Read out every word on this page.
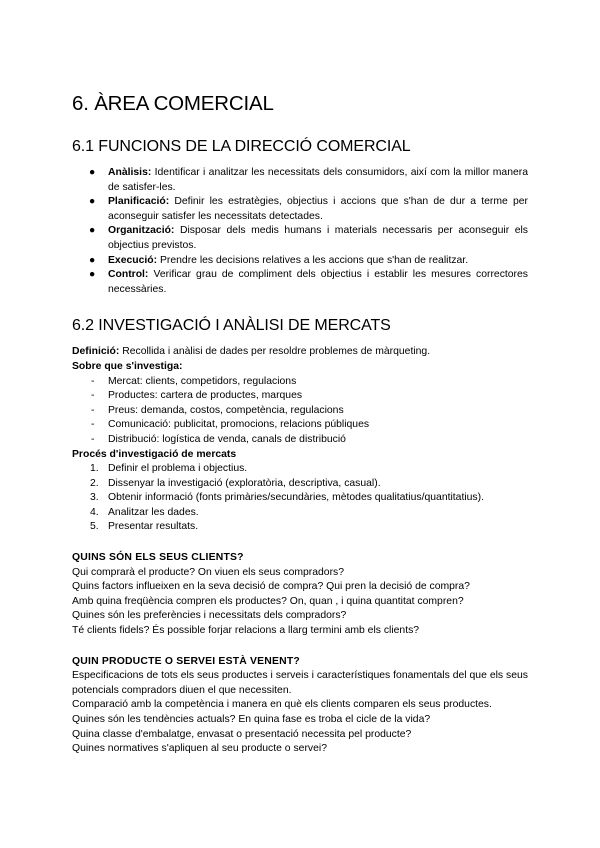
6. ÀREA COMERCIAL
6.1 FUNCIONS DE LA DIRECCIÓ COMERCIAL
● Anàlisis: Identificar i analitzar les necessitats dels consumidors, així com la millor manera de satisfer-les.
● Planificació: Definir les estratègies, objectius i accions que s'han de dur a terme per aconseguir satisfer les necessitats detectades.
● Organització: Disposar dels medis humans i materials necessaris per aconseguir els objectius previstos.
● Execució: Prendre les decisions relatives a les accions que s'han de realitzar.
● Control: Verificar grau de compliment dels objectius i establir les mesures correctores necessàries.
6.2 INVESTIGACIÓ I ANÀLISI DE MERCATS
Definició: Recollida i anàlisi de dades per resoldre problemes de màrqueting.
Sobre que s'investiga:
- Mercat: clients, competidors, regulacions
- Productes: cartera de productes, marques
- Preus: demanda, costos, competència, regulacions
- Comunicació: publicitat, promocions, relacions públiques
- Distribució: logística de venda, canals de distribució
Procés d'investigació de mercats
1. Definir el problema i objectius.
2. Dissenyar la investigació (exploratòria, descriptiva, casual).
3. Obtenir informació (fonts primàries/secundàries, mètodes qualitatius/quantitatius).
4. Analitzar les dades.
5. Presentar resultats.
QUINS SÓN ELS SEUS CLIENTS?
Qui comprarà el producte? On viuen els seus compradors?
Quins factors influeixen en la seva decisió de compra? Qui pren la decisió de compra?
Amb quina freqüència compren els productes? On, quan , i quina quantitat compren?
Quines són les preferències i necessitats dels compradors?
Té clients fidels? És possible forjar relacions a llarg termini amb els clients?
QUIN PRODUCTE O SERVEI ESTÀ VENENT?
Especificacions de tots els seus productes i serveis i característiques fonamentals del que els seus potencials compradors diuen el que necessiten.
Comparació amb la competència i manera en què els clients comparen els seus productes.
Quines són les tendències actuals? En quina fase es troba el cicle de la vida?
Quina classe d'embalatge, envasat o presentació necessita pel producte?
Quines normatives s'apliquen al seu producte o servei?
